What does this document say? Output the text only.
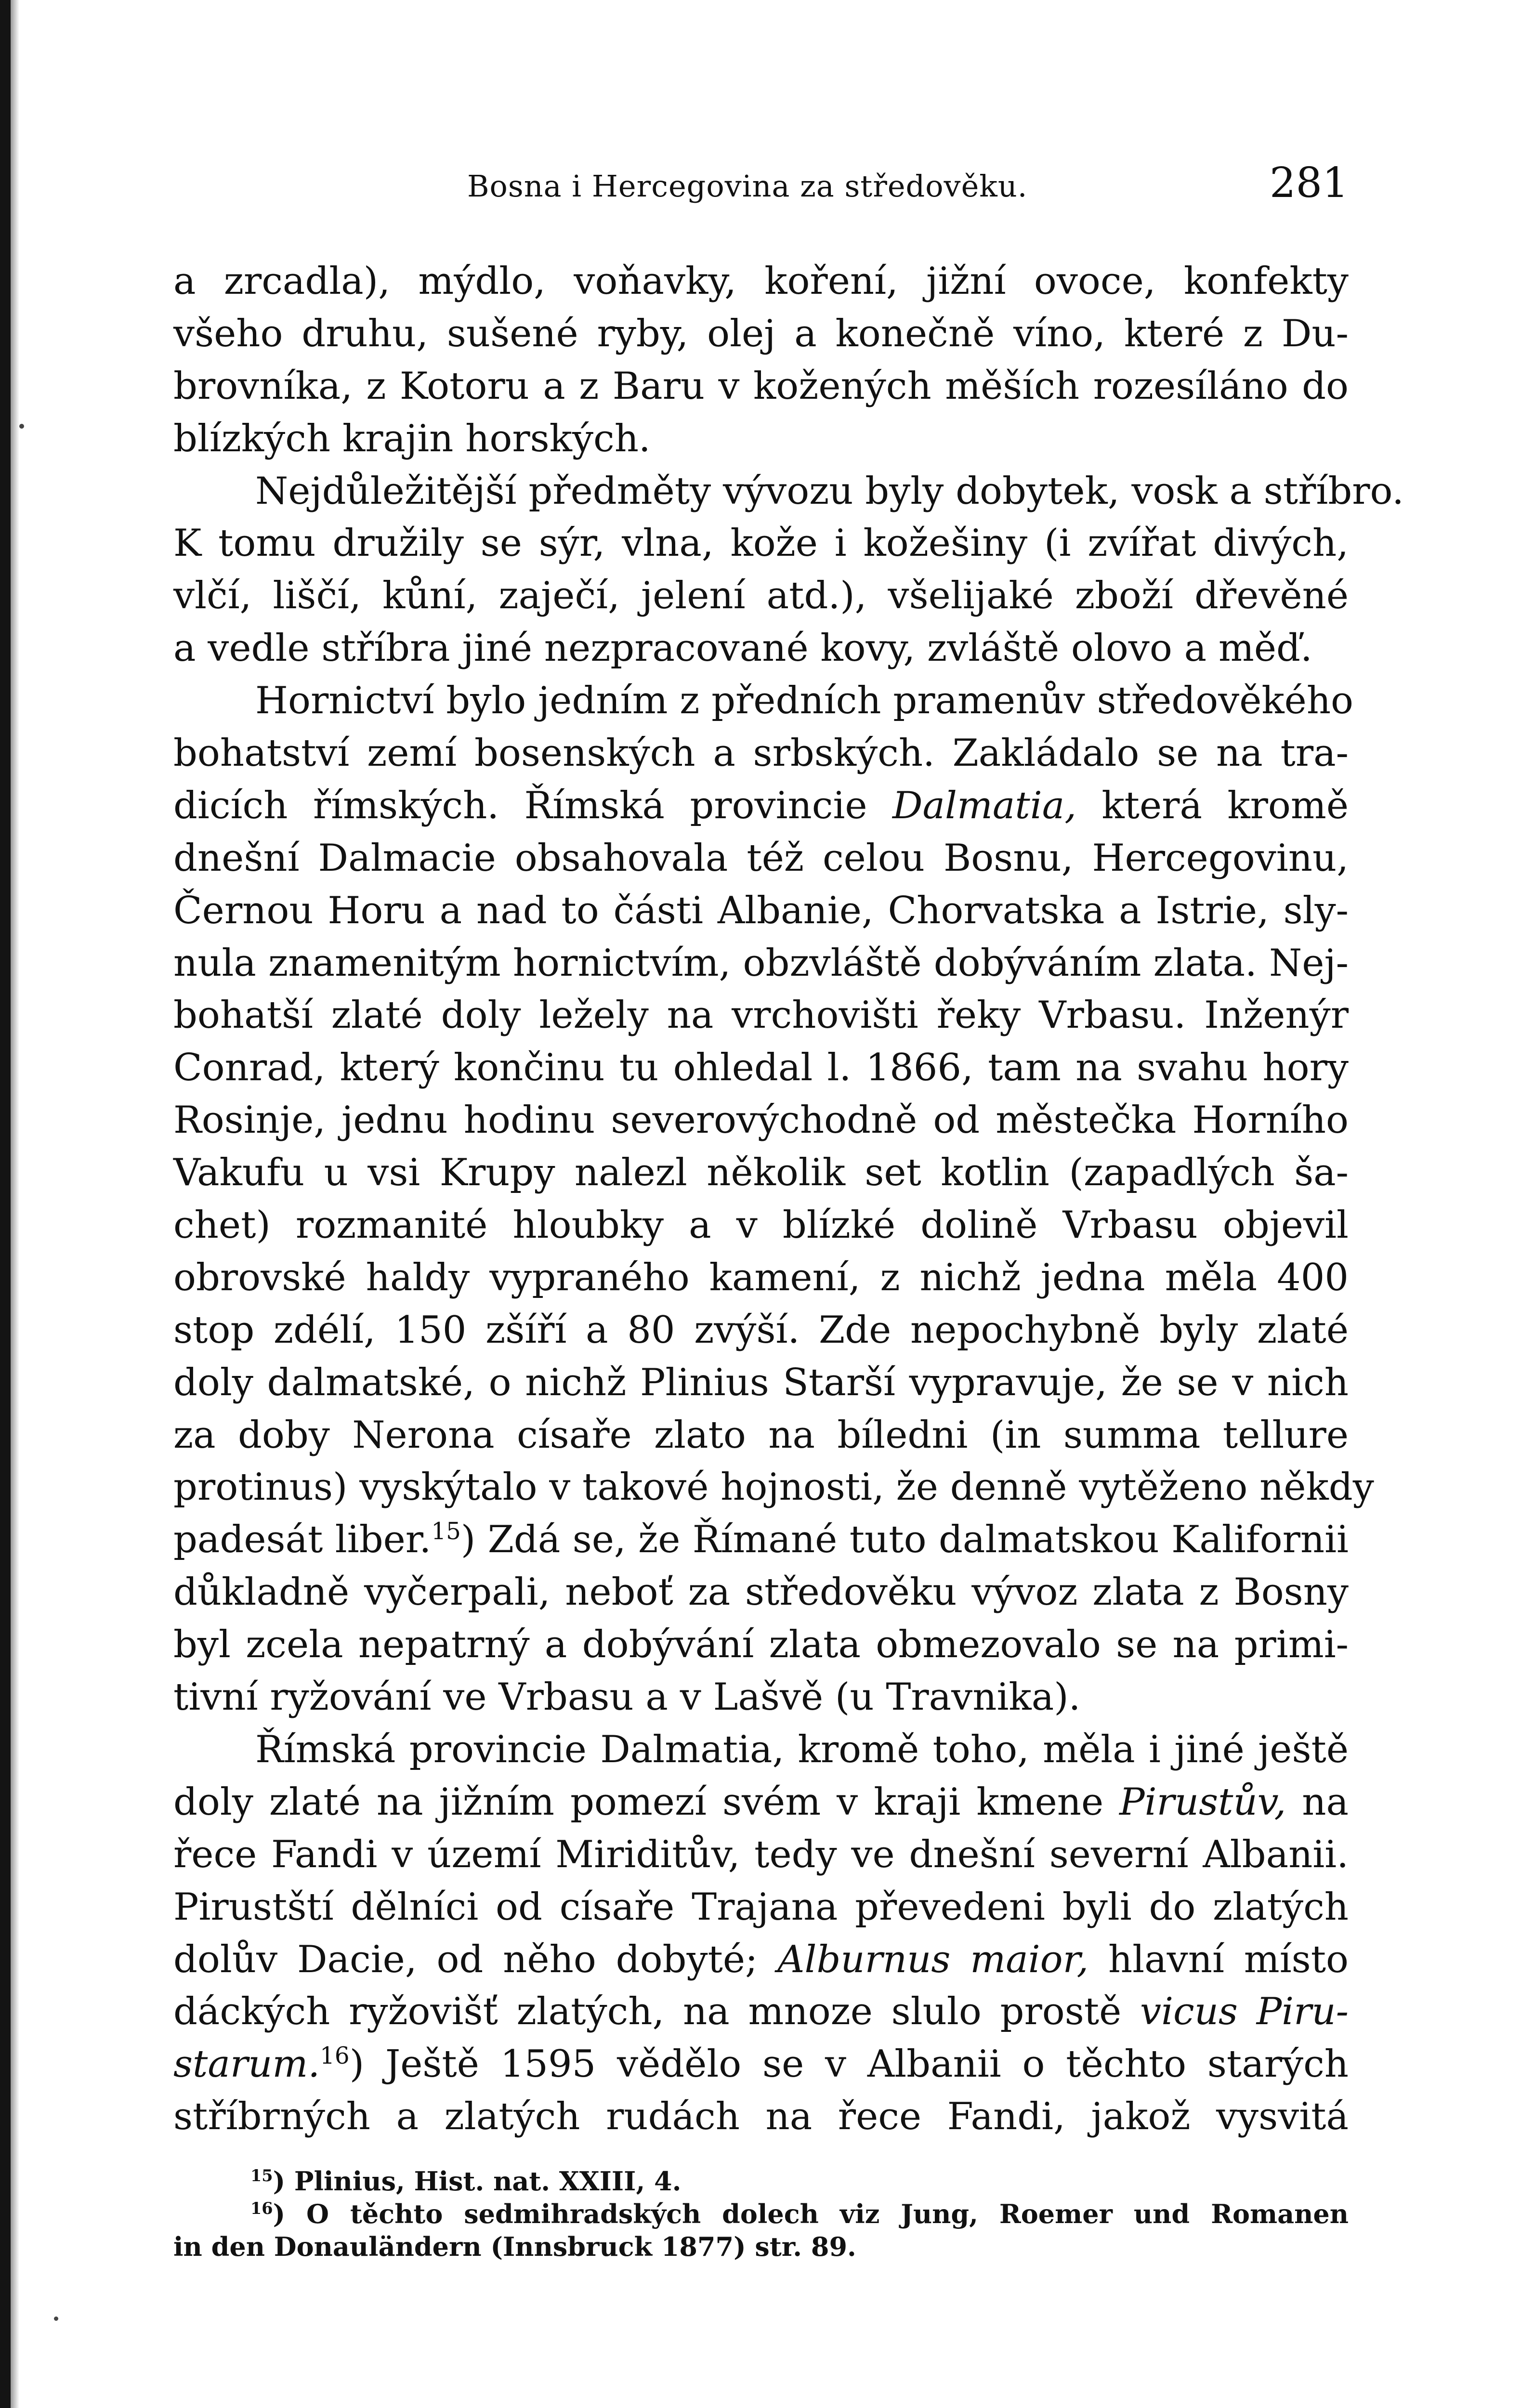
Bosna i Hercegovina za středověku.	281
a zrcadla), mýdlo, voňavky, koření, jižní ovoce, konfekty
všeho druhu, sušené ryby, olej a konečně víno, které z Du-
brovníka, z Kotoru a z Baru v kožených měších rozesíláno do
blízkých krajin horských.
Nejdůležitější předměty vývozu byly dobytek, vosk a stříbro.
K tomu družily se sýr, vlna, kože i kožešiny (i zvířat divých,
vlčí, liščí, kůní, zaječí, jelení atd.), všelijaké zboží dřevěné
a vedle stříbra jiné nezpracované kovy, zvláště olovo a měď.
Hornictví bylo jedním z předních pramenův středověkého
bohatství zemí bosenských a srbských. Zakládalo se na tra-
dicích římských. Římská provincie Dalmatia, která kromě
dnešní Dalmacie obsahovala též celou Bosnu, Hercegovinu,
Černou Horu a nad to části Albanie, Chorvatska a Istrie, sly-
nula znamenitým hornictvím, obzvláště dobýváním zlata. Nej-
bohatší zlaté doly ležely na vrchovišti řeky Vrbasu. Inženýr
Conrad, který končinu tu ohledal l. 1866, tam na svahu hory
Rosinje, jednu hodinu severovýchodně od městečka Horního
Vakufu u vsi Krupy nalezl několik set kotlin (zapadlých ša-
chet) rozmanité hloubky a v blízké dolině Vrbasu objevil
obrovské haldy vypraného kamení, z nichž jedna měla 400
stop zdélí, 150 zšíří a 80 zvýší. Zde nepochybně byly zlaté
doly dalmatské, o nichž Plinius Starší vypravuje, že se v nich
za doby Nerona císaře zlato na bíledni (in summa tellure
protinus) vyskýtalo v takové hojnosti, že denně vytěženo někdy
padesát liber.$^{15}$) Zdá se, že Římané tuto dalmatskou Kalifornii
důkladně vyčerpali, neboť za středověku vývoz zlata z Bosny
byl zcela nepatrný a dobývání zlata obmezovalo se na primi-
tivní ryžování ve Vrbasu a v Lašvě (u Travnika).
Římská provincie Dalmatia, kromě toho, měla i jiné ještě
doly zlaté na jižním pomezí svém v kraji kmene Pirustův, na
řece Fandi v území Miriditův, tedy ve dnešní severní Albanii.
Pirustští dělníci od císaře Trajana převedeni byli do zlatých
dolův Dacie, od něho dobyté; Alburnus maior, hlavní místo
dáckých ryžovišť zlatých, na mnoze slulo prostě vicus Piru-
starum.$^{16}$) Ještě 1595 vědělo se v Albanii o těchto starých
stříbrných a zlatých rudách na řece Fandi, jakož vysvitá
$^{15}$) Plinius, Hist. nat. XXIII, 4.
$^{16}$) O těchto sedmihradských dolech viz Jung, Roemer und Romanen
in den Donauländern (Innsbruck 1877) str. 89.
